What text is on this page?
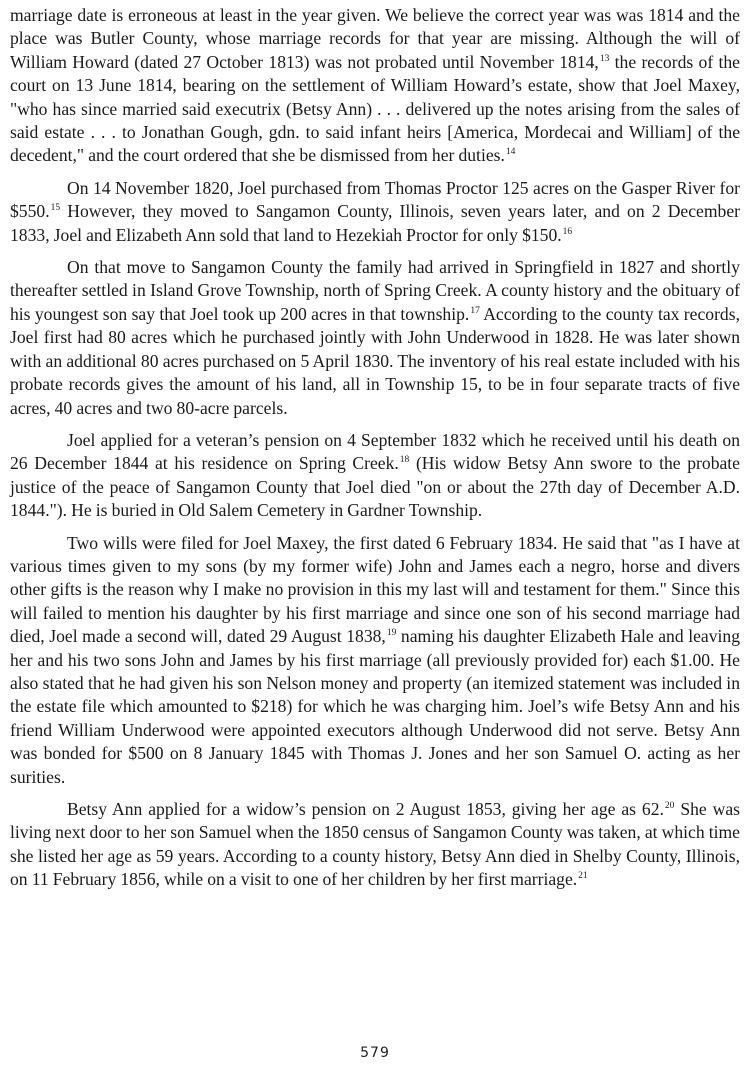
marriage date is erroneous at least in the year given. We believe the correct year was was 1814 and the place was Butler County, whose marriage records for that year are missing. Although the will of William Howard (dated 27 October 1813) was not probated until November 1814,13 the records of the court on 13 June 1814, bearing on the settlement of William Howard’s estate, show that Joel Maxey, "who has since married said executrix (Betsy Ann) . . . delivered up the notes arising from the sales of said estate . . . to Jonathan Gough, gdn. to said infant heirs [America, Mordecai and William] of the decedent," and the court ordered that she be dismissed from her duties.$^{14}$

On 14 November 1820, Joel purchased from Thomas Proctor 125 acres on the Gasper River for $550.15 However, they moved to Sangamon County, Illinois, seven years later, and on 2 December 1833, Joel and Elizabeth Ann sold that land to Hezekiah Proctor for only $150.16

On that move to Sangamon County the family had arrived in Springfield in 1827 and shortly thereafter settled in Island Grove Township, north of Spring Creek. A county history and the obituary of his youngest son say that Joel took up 200 acres in that township.$^{17}$ According to the county tax records, Joel first had 80 acres which he purchased jointly with John Underwood in 1828. He was later shown with an additional 80 acres purchased on 5 April 1830. The inventory of his real estate included with his probate records gives the amount of his land, all in Township 15, to be in four separate tracts of five acres, 40 acres and two 80-acre parcels.

Joel applied for a veteran’s pension on 4 September 1832 which he received until his death on 26 December 1844 at his residence on Spring Creek.$^{18}$ (His widow Betsy Ann swore to the probate justice of the peace of Sangamon County that Joel died "on or about the 27th day of December A.D. 1844."). He is buried in Old Salem Cemetery in Gardner Township.

Two wills were filed for Joel Maxey, the first dated 6 February 1834. He said that "as I have at various times given to my sons (by my former wife) John and James each a negro, horse and divers other gifts is the reason why I make no provision in this my last will and testament for them." Since this will failed to mention his daughter by his first marriage and since one son of his second marriage had died, Joel made a second will, dated 29 August 1838,19 naming his daughter Elizabeth Hale and leaving her and his two sons John and James by his first marriage (all previously provided for) each $1.00. He also stated that he had given his son Nelson money and property (an itemized statement was included in the estate file which amounted to $218) for which he was charging him. Joel’s wife Betsy Ann and his friend William Underwood were appointed executors although Underwood did not serve. Betsy Ann was bonded for $500 on 8 January 1845 with Thomas J. Jones and her son Samuel O. acting as her surities.

Betsy Ann applied for a widow’s pension on 2 August 1853, giving her age as 62.20 She was living next door to her son Samuel when the 1850 census of Sangamon County was taken, at which time she listed her age as 59 years. According to a county history, Betsy Ann died in Shelby County, Illinois, on 11 February 1856, while on a visit to one of her children by her first marriage.$^{21}$

579
